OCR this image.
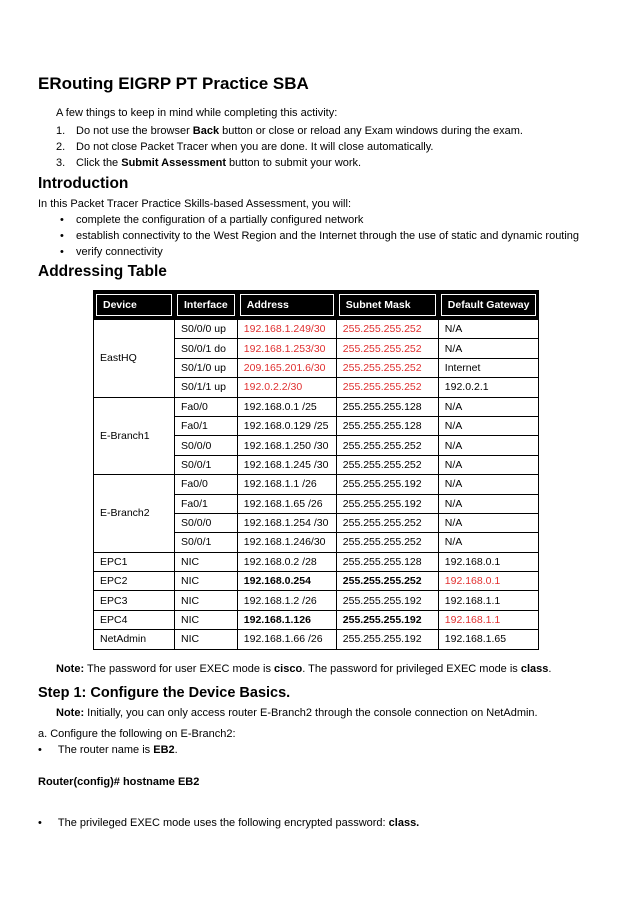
ERouting EIGRP PT Practice SBA
A few things to keep in mind while completing this activity:
1. Do not use the browser Back button or close or reload any Exam windows during the exam.
2. Do not close Packet Tracer when you are done. It will close automatically.
3. Click the Submit Assessment button to submit your work.
Introduction
In this Packet Tracer Practice Skills-based Assessment, you will:
• complete the configuration of a partially configured network
• establish connectivity to the West Region and the Internet through the use of static and dynamic routing
• verify connectivity
Addressing Table
Device	Interface	Address	Subnet Mask	Default Gateway

EastHQ	S0/0/0 up	192.168.1.249/30	255.255.255.252	N/A
	S0/0/1 do	192.168.1.253/30	255.255.255.252	N/A
	S0/1/0 up	209.165.201.6/30	255.255.255.252	Internet
	S0/1/1 up	192.0.2.2/30	255.255.255.252	192.0.2.1
E-Branch1	Fa0/0	192.168.0.1 /25	255.255.255.128	N/A
	Fa0/1	192.168.0.129 /25	255.255.255.128	N/A
	S0/0/0	192.168.1.250 /30	255.255.255.252	N/A
	S0/0/1	192.168.1.245 /30	255.255.255.252	N/A
E-Branch2	Fa0/0	192.168.1.1 /26	255.255.255.192	N/A
	Fa0/1	192.168.1.65 /26	255.255.255.192	N/A
	S0/0/0	192.168.1.254 /30	255.255.255.252	N/A
	S0/0/1	192.168.1.246/30	255.255.255.252	N/A
EPC1	NIC	192.168.0.2 /28	255.255.255.128	192.168.0.1
EPC2	NIC	192.168.0.254	255.255.255.252	192.168.0.1
EPC3	NIC	192.168.1.2 /26	255.255.255.192	192.168.1.1
EPC4	NIC	192.168.1.126	255.255.255.192	192.168.1.1
NetAdmin	NIC	192.168.1.66 /26	255.255.255.192	192.168.1.65
Note: The password for user EXEC mode is cisco. The password for privileged EXEC mode is class.
Step 1: Configure the Device Basics.
Note: Initially, you can only access router E-Branch2 through the console connection on NetAdmin.
a. Configure the following on E-Branch2:
• The router name is EB2.
Router(config)# hostname EB2
• The privileged EXEC mode uses the following encrypted password: class.
